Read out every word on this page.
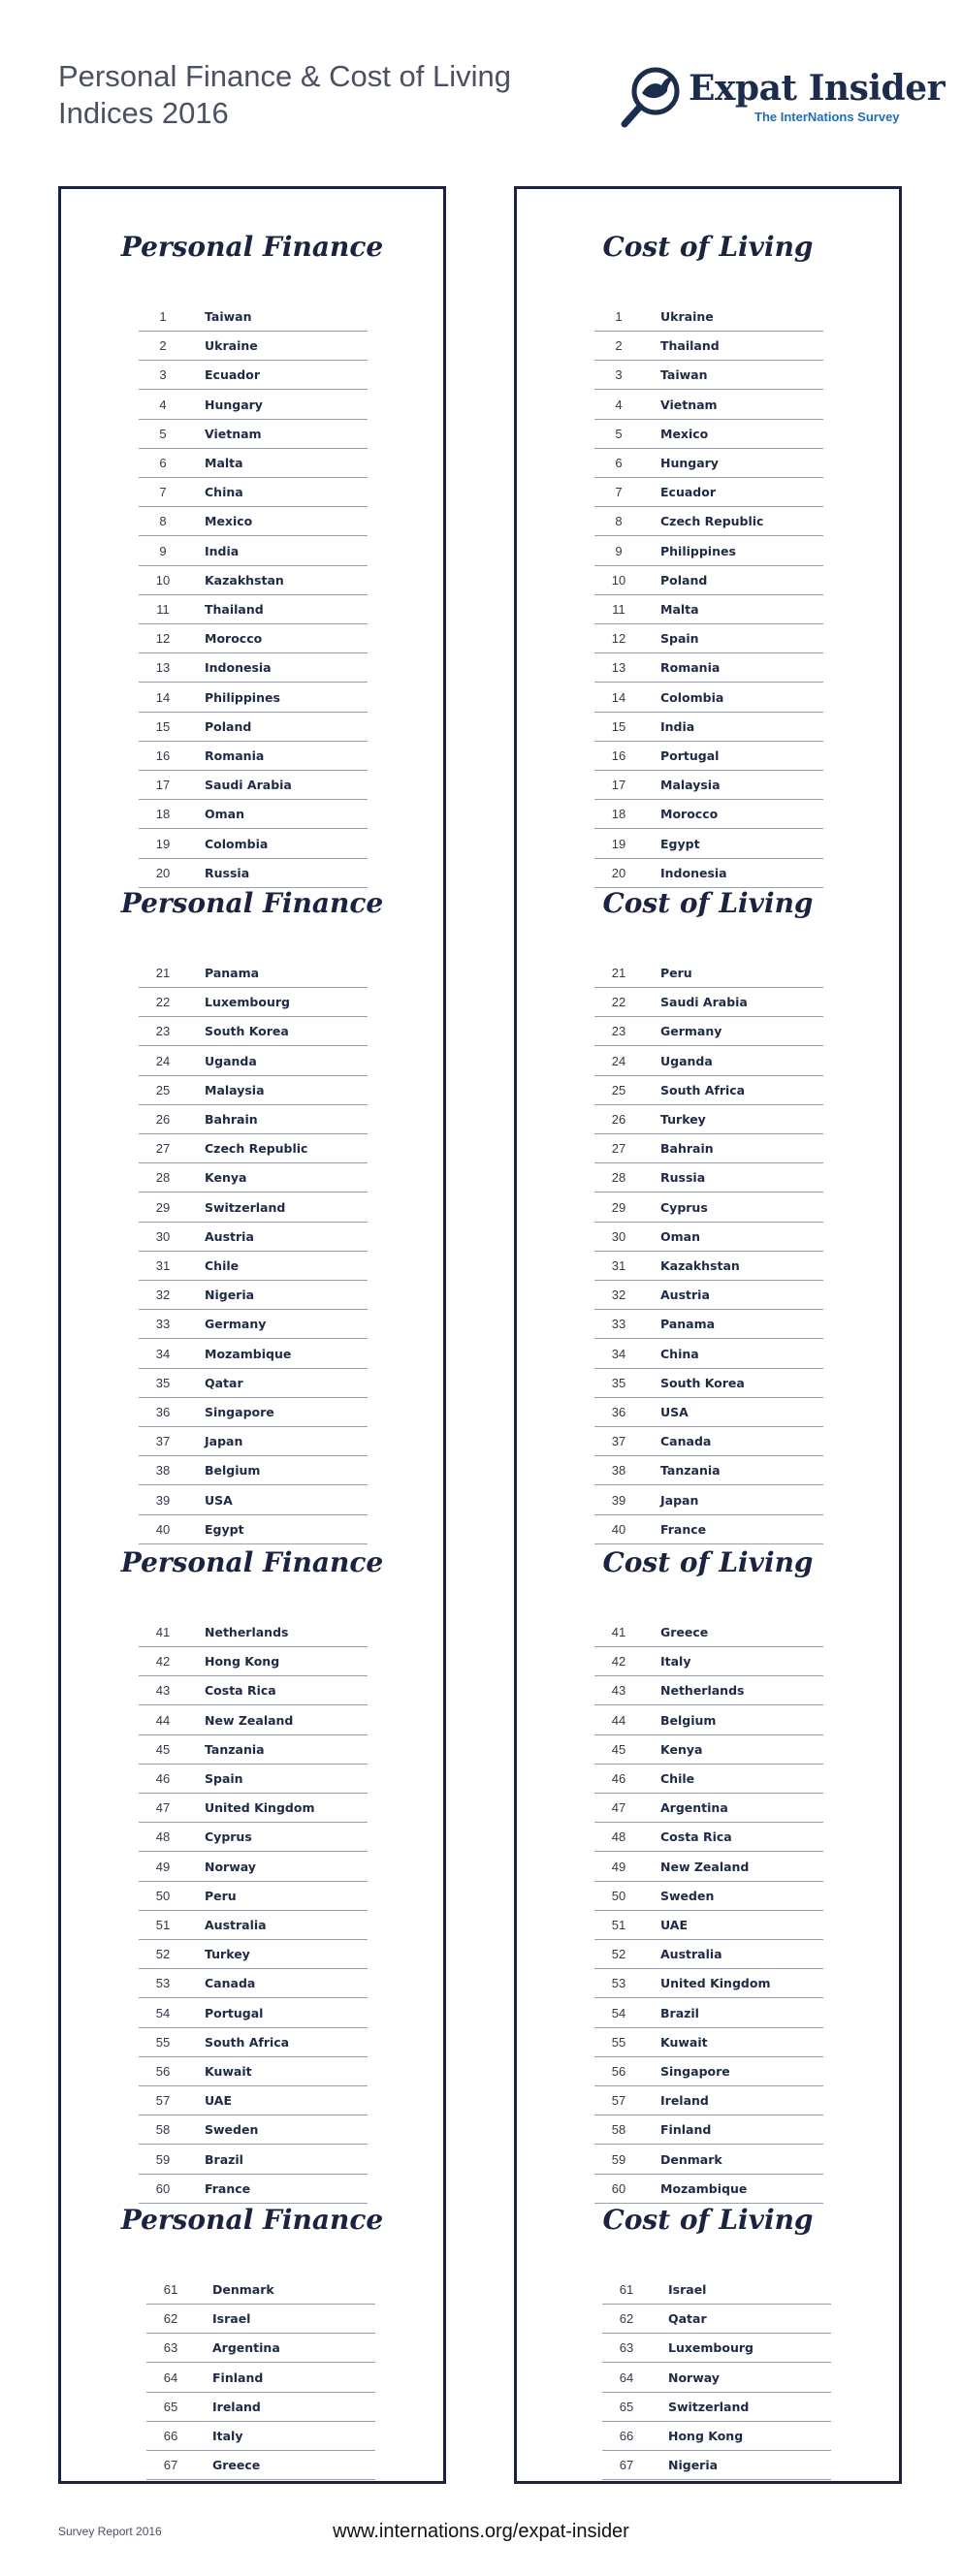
Personal Finance & Cost of Living
Indices 2016
Expat Insider
The InterNations Survey
Personal Finance
1	Taiwan
2	Ukraine
3	Ecuador
4	Hungary
5	Vietnam
6	Malta
7	China
8	Mexico
9	India
10	Kazakhstan
11	Thailand
12	Morocco
13	Indonesia
14	Philippines
15	Poland
16	Romania
17	Saudi Arabia
18	Oman
19	Colombia
20	Russia
Personal Finance
21	Panama
22	Luxembourg
23	South Korea
24	Uganda
25	Malaysia
26	Bahrain
27	Czech Republic
28	Kenya
29	Switzerland
30	Austria
31	Chile
32	Nigeria
33	Germany
34	Mozambique
35	Qatar
36	Singapore
37	Japan
38	Belgium
39	USA
40	Egypt
Personal Finance
41	Netherlands
42	Hong Kong
43	Costa Rica
44	New Zealand
45	Tanzania
46	Spain
47	United Kingdom
48	Cyprus
49	Norway
50	Peru
51	Australia
52	Turkey
53	Canada
54	Portugal
55	South Africa
56	Kuwait
57	UAE
58	Sweden
59	Brazil
60	France
Personal Finance
61	Denmark
62	Israel
63	Argentina
64	Finland
65	Ireland
66	Italy
67	Greece
Cost of Living
1	Ukraine
2	Thailand
3	Taiwan
4	Vietnam
5	Mexico
6	Hungary
7	Ecuador
8	Czech Republic
9	Philippines
10	Poland
11	Malta
12	Spain
13	Romania
14	Colombia
15	India
16	Portugal
17	Malaysia
18	Morocco
19	Egypt
20	Indonesia
Cost of Living
21	Peru
22	Saudi Arabia
23	Germany
24	Uganda
25	South Africa
26	Turkey
27	Bahrain
28	Russia
29	Cyprus
30	Oman
31	Kazakhstan
32	Austria
33	Panama
34	China
35	South Korea
36	USA
37	Canada
38	Tanzania
39	Japan
40	France
Cost of Living
41	Greece
42	Italy
43	Netherlands
44	Belgium
45	Kenya
46	Chile
47	Argentina
48	Costa Rica
49	New Zealand
50	Sweden
51	UAE
52	Australia
53	United Kingdom
54	Brazil
55	Kuwait
56	Singapore
57	Ireland
58	Finland
59	Denmark
60	Mozambique
Cost of Living
61	Israel
62	Qatar
63	Luxembourg
64	Norway
65	Switzerland
66	Hong Kong
67	Nigeria
Survey Report 2016	www.internations.org/expat-insider
